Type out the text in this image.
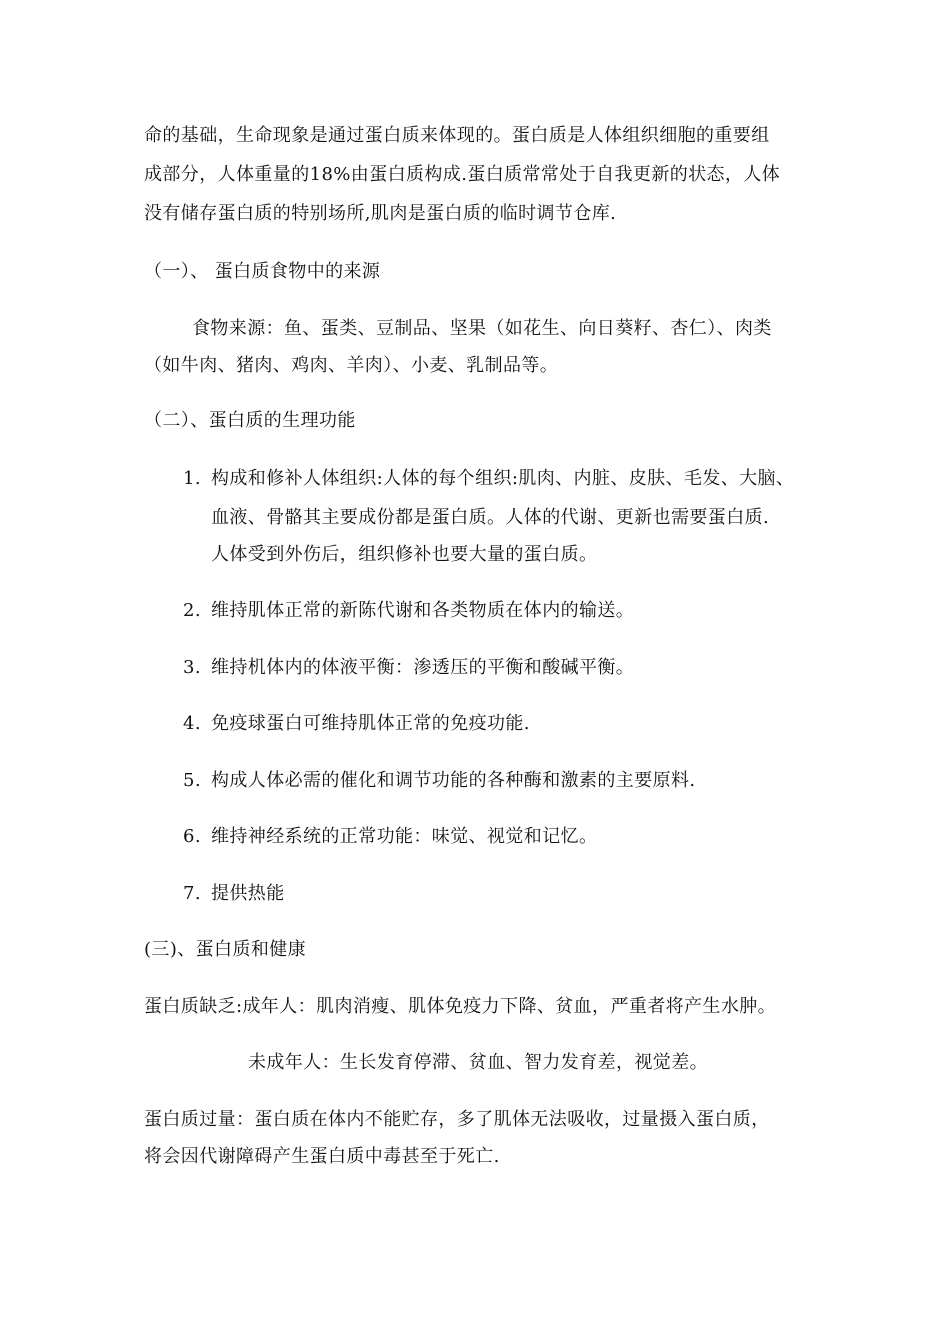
命的基础，生命现象是通过蛋白质来体现的。蛋白质是人体组织细胞的重要组
成部分，人体重量的18%由蛋白质构成.蛋白质常常处于自我更新的状态，人体
没有储存蛋白质的特别场所,肌肉是蛋白质的临时调节仓库.
（一）、 蛋白质食物中的来源
食物来源：鱼、蛋类、豆制品、坚果（如花生、向日葵籽、杏仁）、肉类
（如牛肉、猪肉、鸡肉、羊肉）、小麦、乳制品等。
（二）、蛋白质的生理功能
1. 构成和修补人体组织:人体的每个组织:肌肉、内脏、皮肤、毛发、大脑、
血液、骨骼其主要成份都是蛋白质。人体的代谢、更新也需要蛋白质.
人体受到外伤后，组织修补也要大量的蛋白质。
2. 维持肌体正常的新陈代谢和各类物质在体内的输送。
3. 维持机体内的体液平衡：渗透压的平衡和酸碱平衡。
4. 免疫球蛋白可维持肌体正常的免疫功能.
5. 构成人体必需的催化和调节功能的各种酶和激素的主要原料.
6. 维持神经系统的正常功能：味觉、视觉和记忆。
7. 提供热能
(三)、蛋白质和健康
蛋白质缺乏:成年人：肌肉消瘦、肌体免疫力下降、贫血，严重者将产生水肿。
未成年人：生长发育停滞、贫血、智力发育差，视觉差。
蛋白质过量：蛋白质在体内不能贮存，多了肌体无法吸收，过量摄入蛋白质，
将会因代谢障碍产生蛋白质中毒甚至于死亡.
